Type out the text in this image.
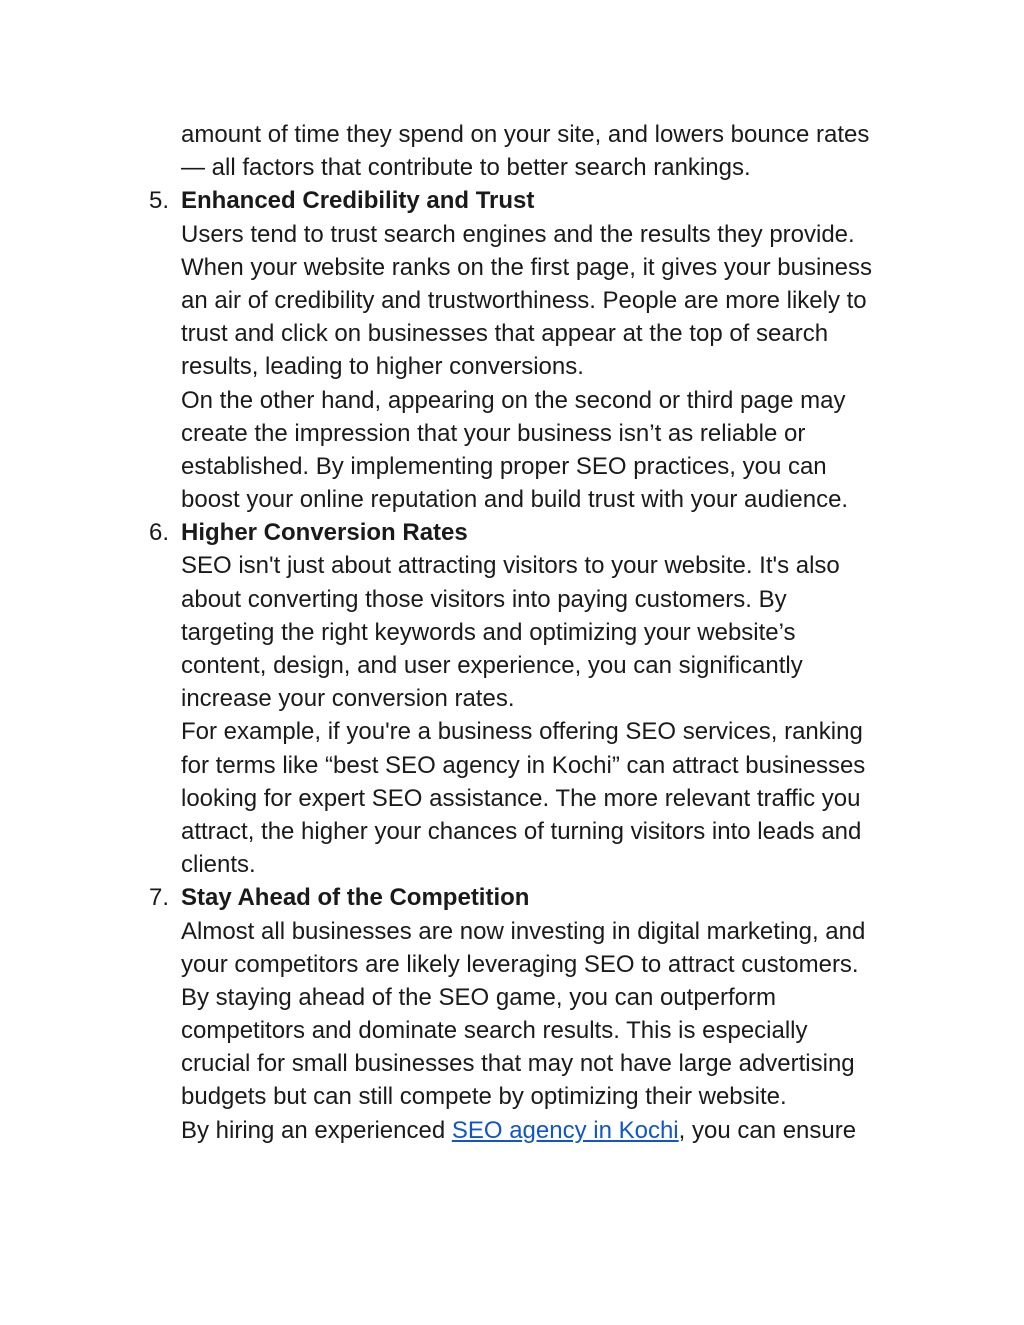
amount of time they spend on your site, and lowers bounce rates
— all factors that contribute to better search rankings.
5. Enhanced Credibility and Trust
Users tend to trust search engines and the results they provide.
When your website ranks on the first page, it gives your business
an air of credibility and trustworthiness. People are more likely to
trust and click on businesses that appear at the top of search
results, leading to higher conversions.
On the other hand, appearing on the second or third page may
create the impression that your business isn’t as reliable or
established. By implementing proper SEO practices, you can
boost your online reputation and build trust with your audience.
6. Higher Conversion Rates
SEO isn't just about attracting visitors to your website. It's also
about converting those visitors into paying customers. By
targeting the right keywords and optimizing your website’s
content, design, and user experience, you can significantly
increase your conversion rates.
For example, if you're a business offering SEO services, ranking
for terms like “best SEO agency in Kochi” can attract businesses
looking for expert SEO assistance. The more relevant traffic you
attract, the higher your chances of turning visitors into leads and
clients.
7. Stay Ahead of the Competition
Almost all businesses are now investing in digital marketing, and
your competitors are likely leveraging SEO to attract customers.
By staying ahead of the SEO game, you can outperform
competitors and dominate search results. This is especially
crucial for small businesses that may not have large advertising
budgets but can still compete by optimizing their website.
By hiring an experienced SEO agency in Kochi, you can ensure
